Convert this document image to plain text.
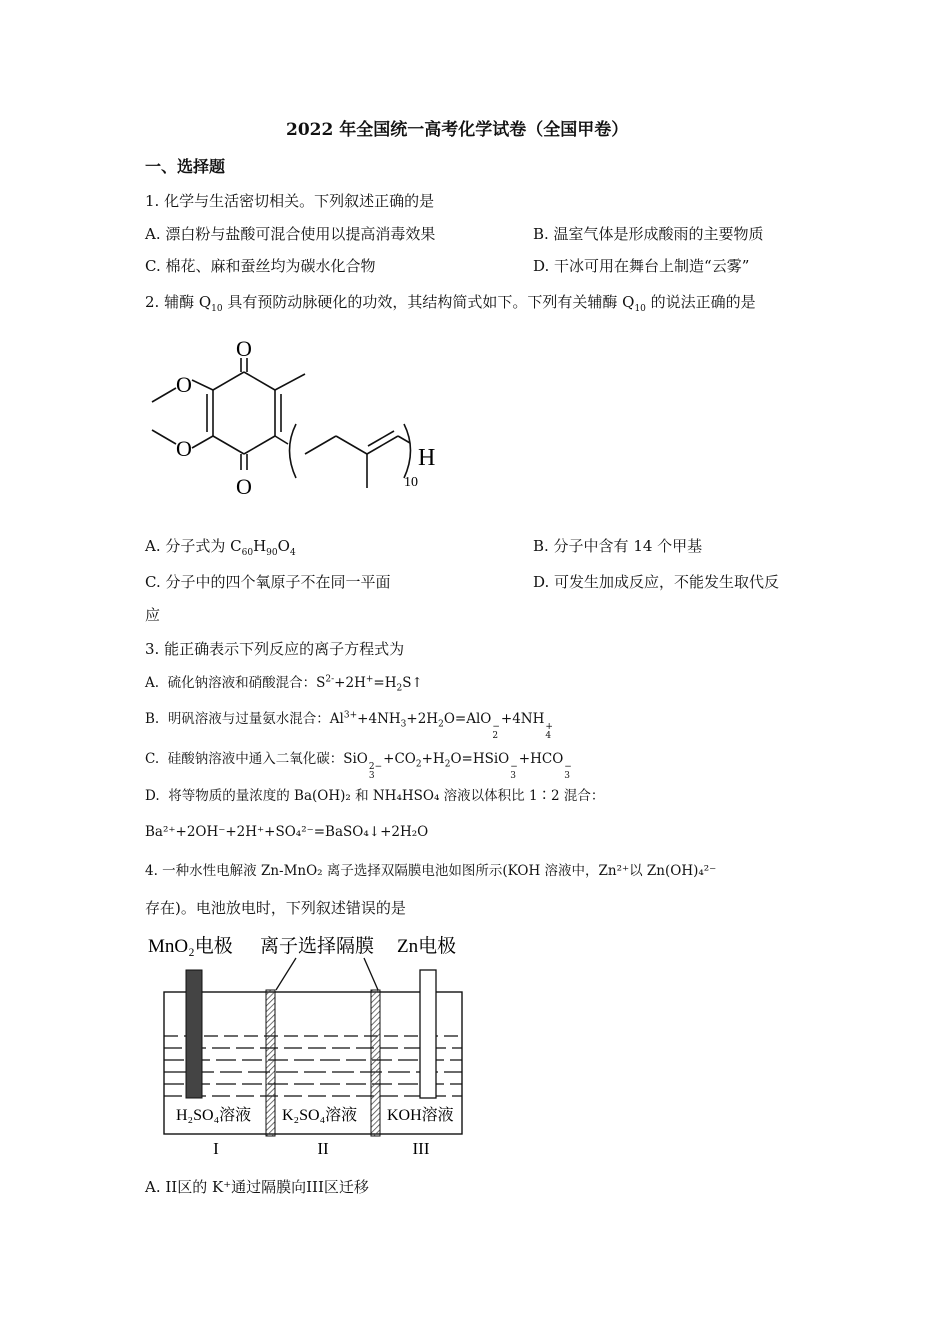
2022 年全国统一高考化学试卷（全国甲卷）
一、选择题
1. 化学与生活密切相关。下列叙述正确的是
A. 漂白粉与盐酸可混合使用以提高消毒效果	B. 温室气体是形成酸雨的主要物质
C. 棉花、麻和蚕丝均为碳水化合物	D. 干冰可用在舞台上制造“云雾”
2. 辅酶 $Q_{10}$ 具有预防动脉硬化的功效，其结构简式如下。下列有关辅酶 $Q_{10}$ 的说法正确的是
O
O
O
O	H
10
A. 分子式为 $C_{60}H_{90}O_4$	B. 分子中含有 14 个甲基
C. 分子中的四个氧原子不在同一平面	D. 可发生加成反应，不能发生取代反
应
3. 能正确表示下列反应的离子方程式为
A. 硫化钠溶液和硝酸混合：$S^{2-}+2H^+=H_2S↑$
B. 明矾溶液与过量氨水混合：$Al^{3+}+4NH_3+2H_2O=AlO$ −
2
+4NH +
4
C. 硅酸钠溶液中通入二氧化碳：SiO 2−
3
$+CO_2+H_2O=HSiO$ −
3
+HCO −
3
D. 将等物质的量浓度的 Ba(OH)₂ 和 NH₄HSO₄ 溶液以体积比 1∶2 混合：
Ba²⁺+2OH⁻+2H⁺+SO₄²⁻=BaSO₄↓+2H₂O
4. 一种水性电解液 Zn-MnO₂ 离子选择双隔膜电池如图所示(KOH 溶液中，Zn²⁺以 Zn(OH)₄²⁻
存在)。电池放电时，下列叙述错误的是
MnO₂电极 离子选择隔膜 Zn电极
H₂SO₄溶液 K₂SO₄溶液 KOH溶液
I	II	III
A. II区的 K⁺通过隔膜向III区迁移
